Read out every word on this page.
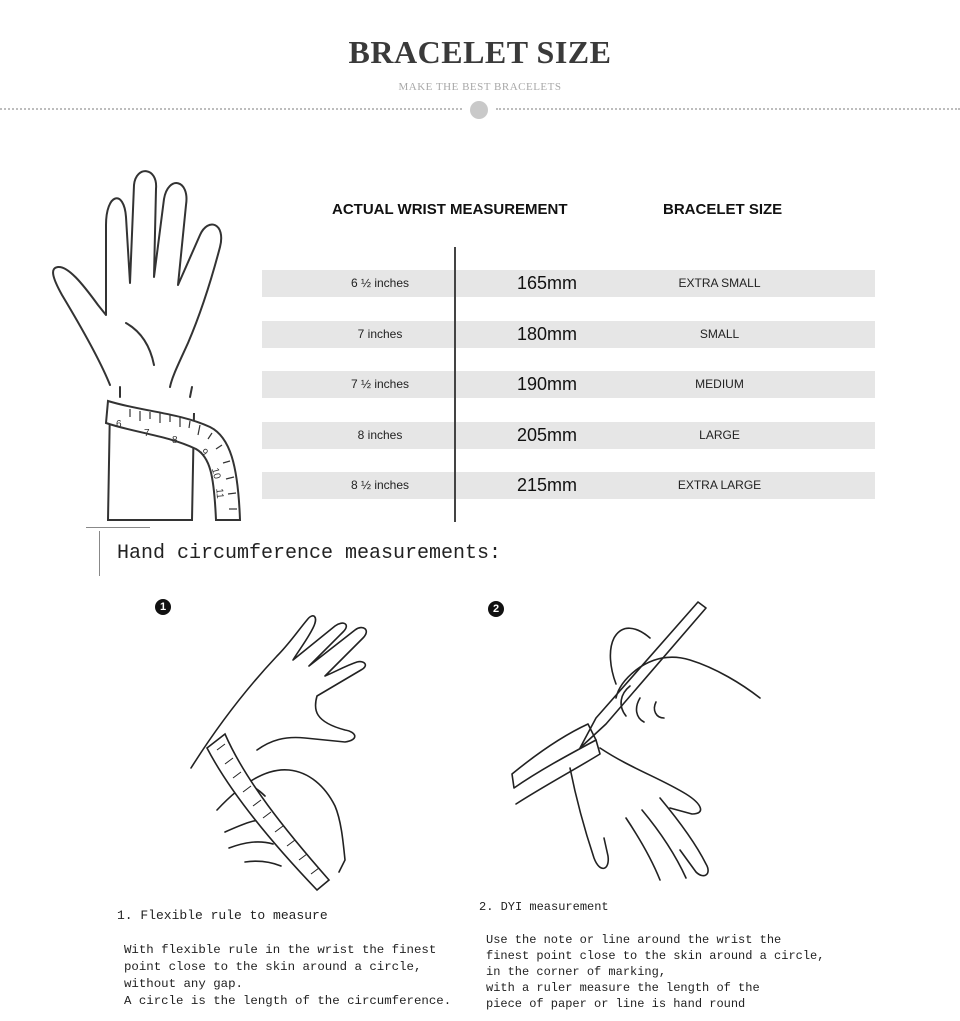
BRACELET SIZE
MAKE THE BEST BRACELETS
6
7
8
9
10
11
ACTUAL WRIST MEASUREMENT	BRACELET SIZE
6 ½ inches	165mm	EXTRA SMALL
7 inches	180mm	SMALL
7 ½ inches	190mm	MEDIUM
8 inches	205mm	LARGE
8 ½ inches	215mm	EXTRA LARGE
Hand circumference measurements:
1	2
1. Flexible rule to measure
With flexible rule in the wrist the finest
point close to the skin around a circle,
without any gap.
A circle is the length of the circumference.
2. DYI measurement
Use the note or line around the wrist the
finest point close to the skin around a circle,
in the corner of marking,
with a ruler measure the length of the
piece of paper or line is hand round
